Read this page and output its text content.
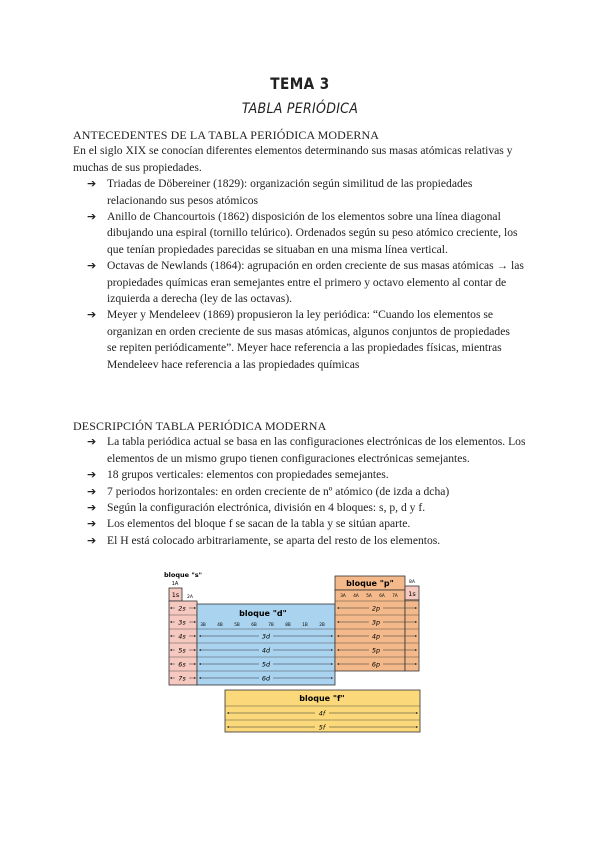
TEMA 3
TABLA PERIÓDICA
ANTECEDENTES DE LA TABLA PERIÓDICA MODERNA

En el siglo XIX se conocían diferentes elementos determinando sus masas atómicas relativas y
muchas de sus propiedades.

➔ Triadas de Döbereiner (1829): organización según similitud de las propiedades
relacionando sus pesos atómicos
➔ Anillo de Chancourtois (1862) disposición de los elementos sobre una línea diagonal
dibujando una espiral (tornillo telúrico). Ordenados según su peso atómico creciente, los
que tenían propiedades parecidas se situaban en una misma línea vertical.
➔ Octavas de Newlands (1864): agrupación en orden creciente de sus masas atómicas → las
propiedades químicas eran semejantes entre el primero y octavo elemento al contar de
izquierda a derecha (ley de las octavas).
➔ Meyer y Mendeleev (1869) propusieron la ley periódica: “Cuando los elementos se
organizan en orden creciente de sus masas atómicas, algunos conjuntos de propiedades
se repiten periódicamente”. Meyer hace referencia a las propiedades físicas, mientras
Mendeleev hace referencia a las propiedades químicas
DESCRIPCIÓN TABLA PERIÓDICA MODERNA
➔ La tabla periódica actual se basa en las configuraciones electrónicas de los elementos. Los
elementos de un mismo grupo tienen configuraciones electrónicas semejantes.
➔ 18 grupos verticales: elementos con propiedades semejantes.
➔ 7 periodos horizontales: en orden creciente de nº atómico (de izda a dcha)
➔ Según la configuración electrónica, división en 4 bloques: s, p, d y f.
➔ Los elementos del bloque f se sacan de la tabla y se sitúan aparte.
➔ El H está colocado arbitrariamente, se aparta del resto de los elementos.
bloque "s"
1A
2A
1s
2s
3s
4s
5s
6s
7s
bloque "d"
3B	4B	5B	6B	7B	8B	1B	2B
3d
4d
5d
6d
bloque "p"	8A
1s
3A 4A 5A 6A 7A
2p
3p
4p
5p
6p
bloque "f"
4f
5f
